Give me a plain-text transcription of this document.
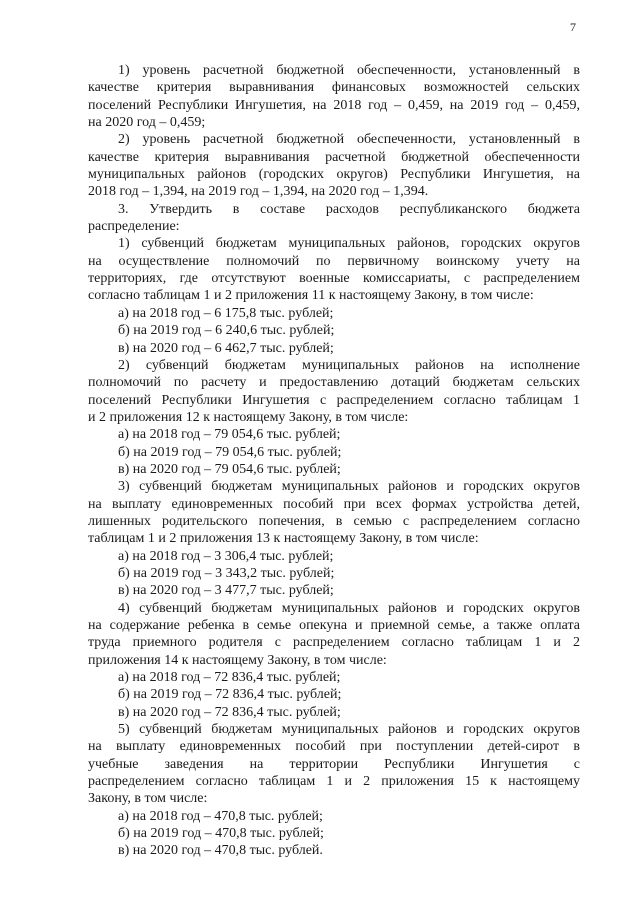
7
1) уровень расчетной бюджетной обеспеченности, установленный в
качестве критерия выравнивания финансовых возможностей сельских
поселений Республики Ингушетия, на 2018 год – 0,459, на 2019 год – 0,459,
на 2020 год – 0,459;
2) уровень расчетной бюджетной обеспеченности, установленный в
качестве критерия выравнивания расчетной бюджетной обеспеченности
муниципальных районов (городских округов) Республики Ингушетия, на
2018 год – 1,394, на 2019 год – 1,394, на 2020 год – 1,394.
3. Утвердить в составе расходов республиканского бюджета
распределение:
1) субвенций бюджетам муниципальных районов, городских округов
на осуществление полномочий по первичному воинскому учету на
территориях, где отсутствуют военные комиссариаты, с распределением
согласно таблицам 1 и 2 приложения 11 к настоящему Закону, в том числе:
а) на 2018 год – 6 175,8 тыс. рублей;
б) на 2019 год – 6 240,6 тыс. рублей;
в) на 2020 год – 6 462,7 тыс. рублей;
2) субвенций бюджетам муниципальных районов на исполнение
полномочий по расчету и предоставлению дотаций бюджетам сельских
поселений Республики Ингушетия с распределением согласно таблицам 1
и 2 приложения 12 к настоящему Закону, в том числе:
а) на 2018 год – 79 054,6 тыс. рублей;
б) на 2019 год – 79 054,6 тыс. рублей;
в) на 2020 год – 79 054,6 тыс. рублей;
3) субвенций бюджетам муниципальных районов и городских округов
на выплату единовременных пособий при всех формах устройства детей,
лишенных родительского попечения, в семью с распределением согласно
таблицам 1 и 2 приложения 13 к настоящему Закону, в том числе:
а) на 2018 год – 3 306,4 тыс. рублей;
б) на 2019 год – 3 343,2 тыс. рублей;
в) на 2020 год – 3 477,7 тыс. рублей;
4) субвенций бюджетам муниципальных районов и городских округов
на содержание ребенка в семье опекуна и приемной семье, а также оплата
труда приемного родителя с распределением согласно таблицам 1 и 2
приложения 14 к настоящему Закону, в том числе:
а) на 2018 год – 72 836,4 тыс. рублей;
б) на 2019 год – 72 836,4 тыс. рублей;
в) на 2020 год – 72 836,4 тыс. рублей;
5) субвенций бюджетам муниципальных районов и городских округов
на выплату единовременных пособий при поступлении детей-сирот в
учебные заведения на территории Республики Ингушетия с
распределением согласно таблицам 1 и 2 приложения 15 к настоящему
Закону, в том числе:
а) на 2018 год – 470,8 тыс. рублей;
б) на 2019 год – 470,8 тыс. рублей;
в) на 2020 год – 470,8 тыс. рублей.
